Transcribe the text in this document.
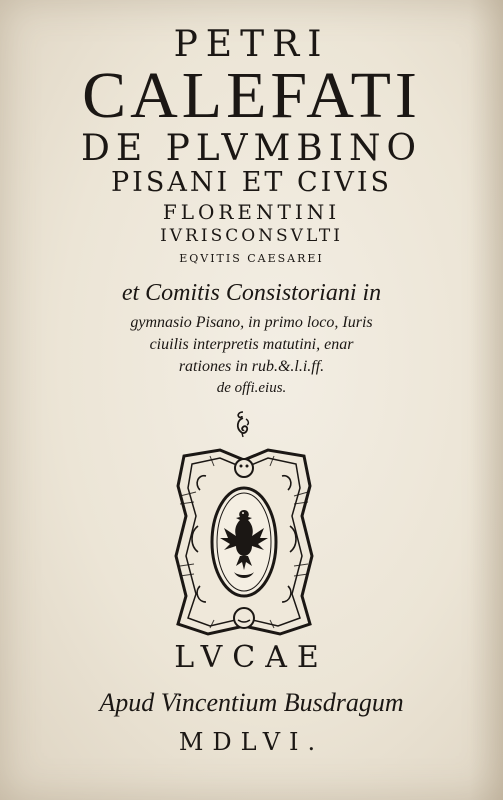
PETRI
CALEFATI
DE PLVMBINO
PISANI ET CIVIS
FLORENTINI
IVRISCONSVLTI
EQVITIS CAESAREI
et Comitis Consistoriani in
gymnasio Pisano, in primo loco, Iuris
ciuilis interpretis matutini, enar
rationes in rub.&.l.i.ff.
de offi.eius.
LVCAE
Apud Vincentium Busdragum
MDLVI.
